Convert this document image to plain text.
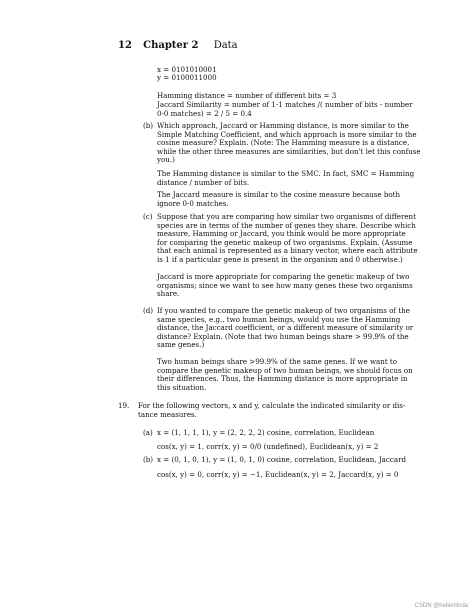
12 Chapter 2 Data
x = 0101010001
y = 0100011000
Hamming distance = number of different bits = 3
Jaccard Similarity = number of 1-1 matches /( number of bits - number
0-0 matches) = 2 / 5 = 0.4
(b) Which approach, Jaccard or Hamming distance, is more similar to the
Simple Matching Coefficient, and which approach is more similar to the
cosine measure? Explain. (Note: The Hamming measure is a distance,
while the other three measures are similarities, but don't let this confuse
you.)
The Hamming distance is similar to the SMC. In fact, SMC = Hamming
distance / number of bits.
The Jaccard measure is similar to the cosine measure because both
ignore 0-0 matches.
(c) Suppose that you are comparing how similar two organisms of different
species are in terms of the number of genes they share. Describe which
measure, Hamming or Jaccard, you think would be more appropriate
for comparing the genetic makeup of two organisms. Explain. (Assume
that each animal is represented as a binary vector, where each attribute
is 1 if a particular gene is present in the organism and 0 otherwise.)
Jaccard is more appropriate for comparing the genetic makeup of two
organisms; since we want to see how many genes these two organisms
share.
(d) If you wanted to compare the genetic makeup of two organisms of the
same species, e.g., two human beings, would you use the Hamming
distance, the Jaccard coefficient, or a different measure of similarity or
distance? Explain. (Note that two human beings share > 99.9% of the
same genes.)
Two human beings share >99.9% of the same genes. If we want to
compare the genetic makeup of two human beings, we should focus on
their differences. Thus, the Hamming distance is more appropriate in
this situation.
19. For the following vectors, x and y, calculate the indicated similarity or dis-
tance measures.
(a) x = (1, 1, 1, 1), y = (2, 2, 2, 2) cosine, correlation, Euclidean
cos(x, y) = 1, corr(x, y) = 0/0 (undefined), Euclidean(x, y) = 2
(b) x = (0, 1, 0, 1), y = (1, 0, 1, 0) cosine, correlation, Euclidean, Jaccard
cos(x, y) = 0, corr(x, y) = −1, Euclidean(x, y) = 2, Jaccard(x, y) = 0
CSDN @hellenlinda
